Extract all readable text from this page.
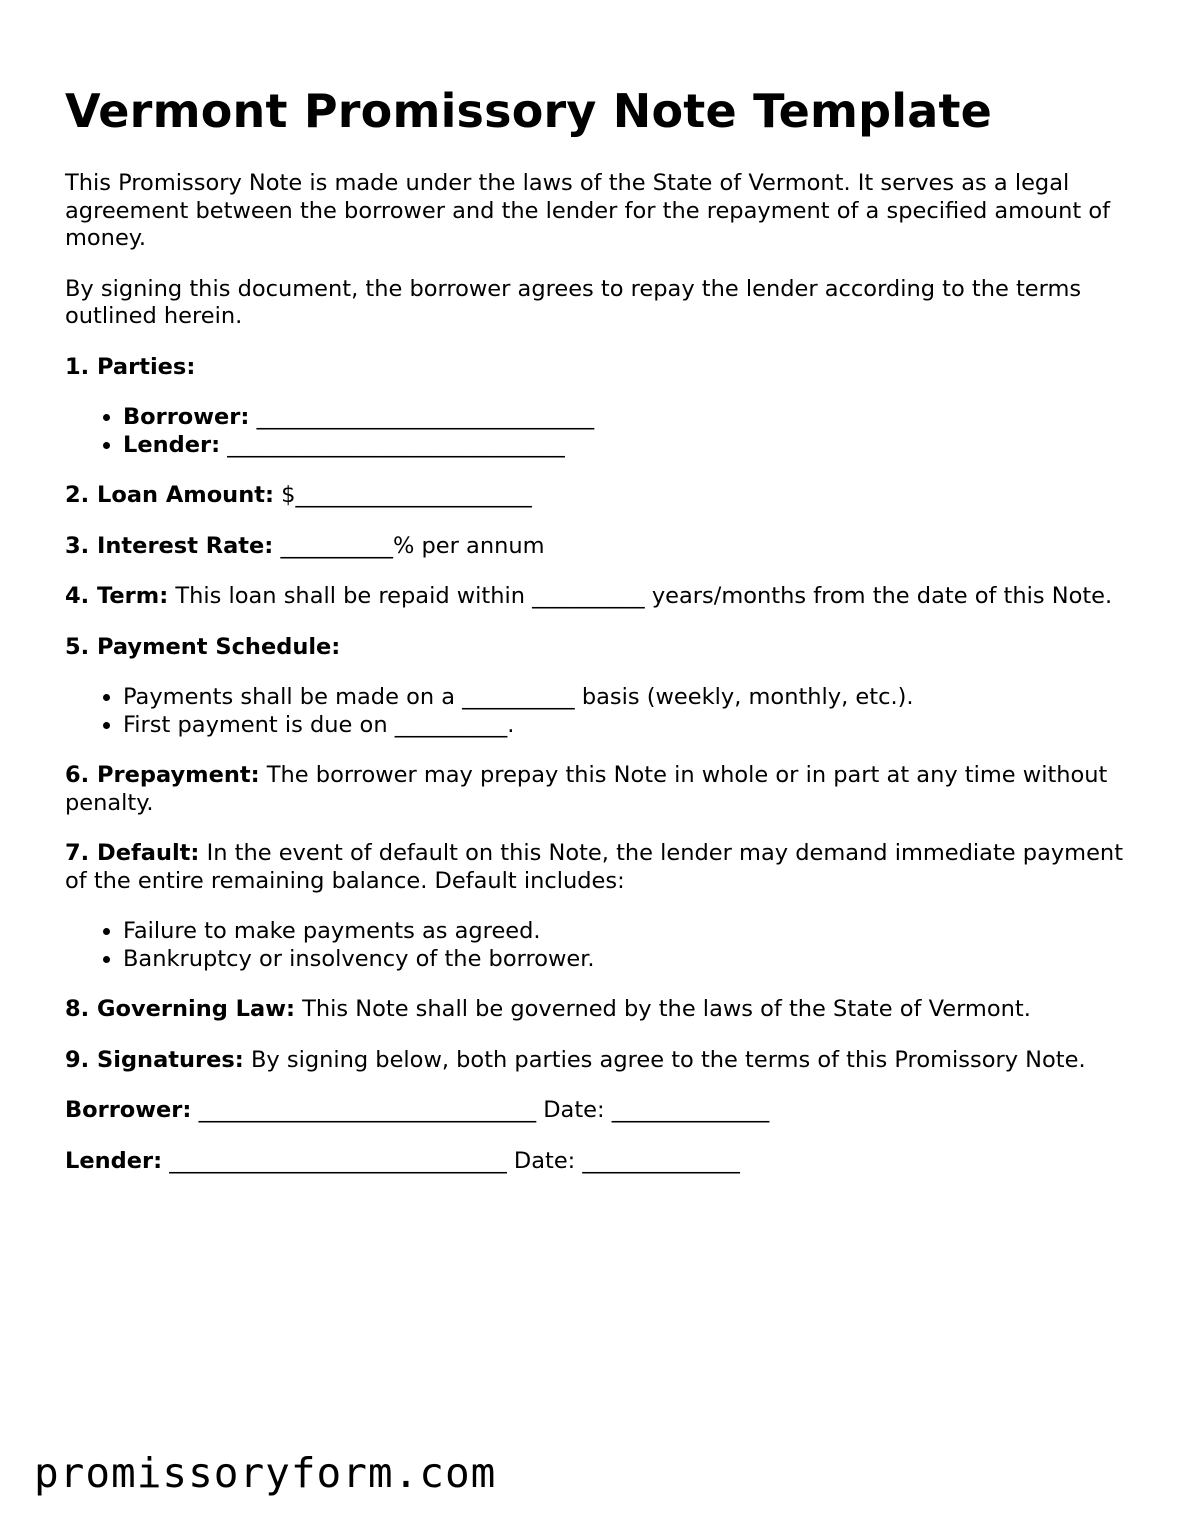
Vermont Promissory Note Template

This Promissory Note is made under the laws of the State of Vermont. It serves as a legal agreement between the borrower and the lender for the repayment of a specified amount of money.

By signing this document, the borrower agrees to repay the lender according to the terms outlined herein.

1. Parties:

• Borrower: ______________________________
• Lender: ______________________________

2. Loan Amount: $_____________________

3. Interest Rate: __________% per annum

4. Term: This loan shall be repaid within __________ years/months from the date of this Note.

5. Payment Schedule:

• Payments shall be made on a __________ basis (weekly, monthly, etc.).
• First payment is due on __________.

6. Prepayment: The borrower may prepay this Note in whole or in part at any time without penalty.

7. Default: In the event of default on this Note, the lender may demand immediate payment of the entire remaining balance. Default includes:

• Failure to make payments as agreed.
• Bankruptcy or insolvency of the borrower.

8. Governing Law: This Note shall be governed by the laws of the State of Vermont.

9. Signatures: By signing below, both parties agree to the terms of this Promissory Note.

Borrower: ______________________________ Date: ______________
Lender: ______________________________ Date: ______________
promissoryform.com
